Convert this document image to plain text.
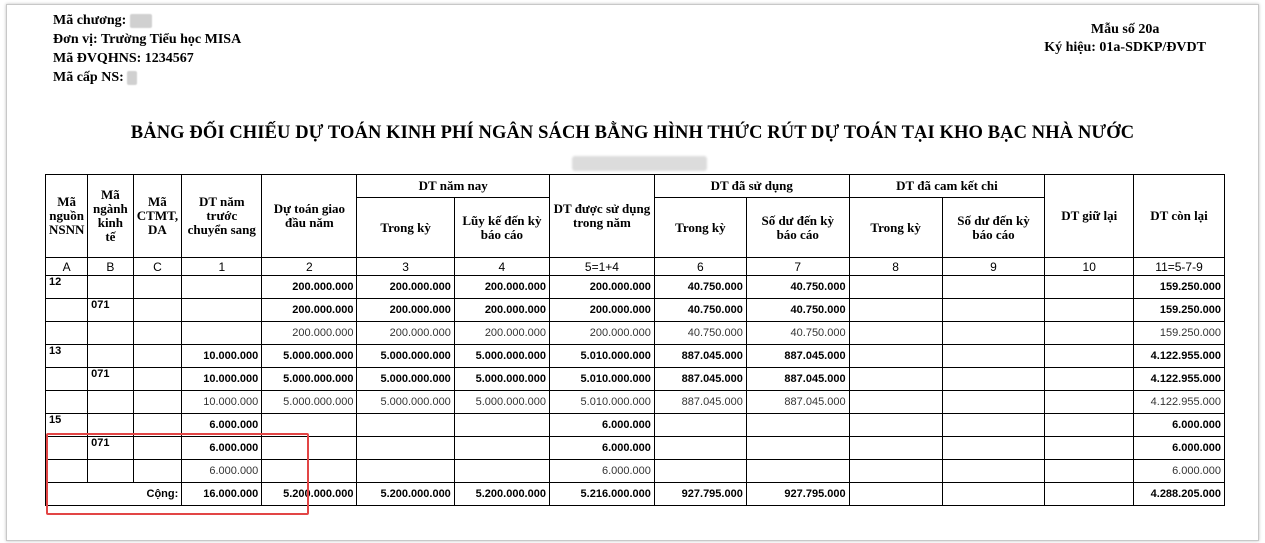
Mã chương:
Đơn vị: Trường Tiểu học MISA
Mã ĐVQHNS: 1234567
Mã cấp NS:
Mẫu số 20a
Ký hiệu: 01a-SDKP/ĐVDT
BẢNG ĐỐI CHIẾU DỰ TOÁN KINH PHÍ NGÂN SÁCH BẰNG HÌNH THỨC RÚT DỰ TOÁN TẠI KHO BẠC NHÀ NƯỚC
Mã nguồn NSNN	Mã ngành kinh tế	Mã CTMT, DA	DT năm trước chuyển sang	Dự toán giao đầu năm	DT năm nay		DT được sử dụng trong năm	DT đã sử dụng		DT đã cam kết chi		DT giữ lại	DT còn lại
					Trong kỳ	Lũy kế đến kỳ báo cáo		Trong kỳ	Số dư đến kỳ báo cáo	Trong kỳ	Số dư đến kỳ báo cáo		
A	B	C	1	2	3	4	5=1+4	6	7	8	9	10	11=5-7-9
12				200.000.000	200.000.000	200.000.000	200.000.000	40.750.000	40.750.000				159.250.000
	071			200.000.000	200.000.000	200.000.000	200.000.000	40.750.000	40.750.000				159.250.000
				200.000.000	200.000.000	200.000.000	200.000.000	40.750.000	40.750.000				159.250.000
13			10.000.000	5.000.000.000	5.000.000.000	5.000.000.000	5.010.000.000	887.045.000	887.045.000				4.122.955.000
	071		10.000.000	5.000.000.000	5.000.000.000	5.000.000.000	5.010.000.000	887.045.000	887.045.000				4.122.955.000
			10.000.000	5.000.000.000	5.000.000.000	5.000.000.000	5.010.000.000	887.045.000	887.045.000				4.122.955.000
15			6.000.000				6.000.000						6.000.000
	071		6.000.000				6.000.000						6.000.000
			6.000.000				6.000.000						6.000.000
Cộng:			16.000.000	5.200.000.000	5.200.000.000	5.200.000.000	5.216.000.000	927.795.000	927.795.000				4.288.205.000
